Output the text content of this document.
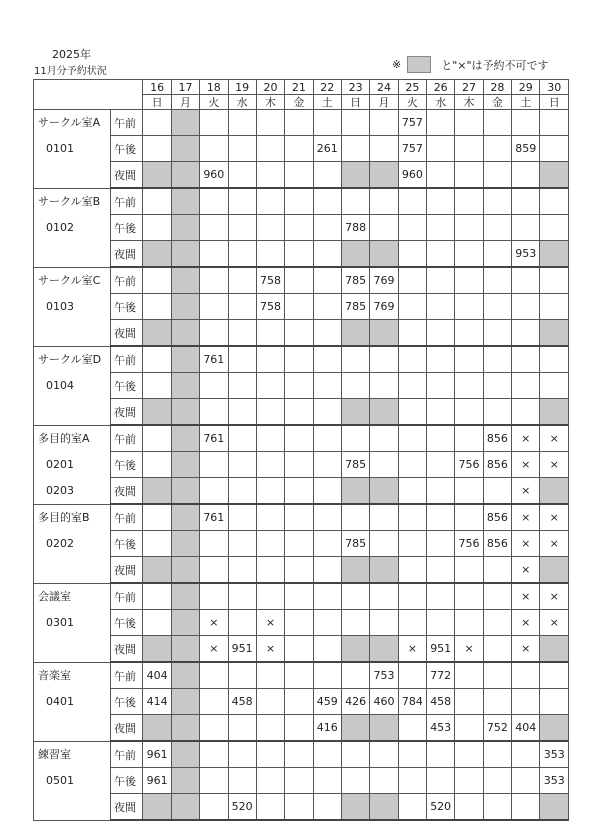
2025年
11月分予約状況
※	と"×"は予約不可です
		16	17	18	19	20	21	22	23	24	25	26	27	28	29	30
		日	月	火	水	木	金	土	日	月	火	水	木	金	土	日

サークル室A
0101	午前										757					
	午後							261			757				859	
	夜間			960							960					

サークル室B
0102	午前															
	午後								788							
	夜間														953	

サークル室C
0103	午前					758			785	769						
	午後					758			785	769						
	夜間															

サークル室D
0104	午前			761												
	午後															
	夜間															

多目的室A
0201
0203	午前			761										856	×	×
	午後								785				756	856	×	×
	夜間														×	

多目的室B
0202	午前			761										856	×	×
	午後								785				756	856	×	×
	夜間														×	

会議室
0301	午前														×	×
	午後			×		×									×	×
	夜間			×	951	×					×	951	×		×	

音楽室
0401	午前	404								753		772				
	午後	414			458			459	426	460	784	458				
	夜間							416				453		752	404	

練習室
0501	午前	961														353
	午後	961														353
	夜間				520							520				
